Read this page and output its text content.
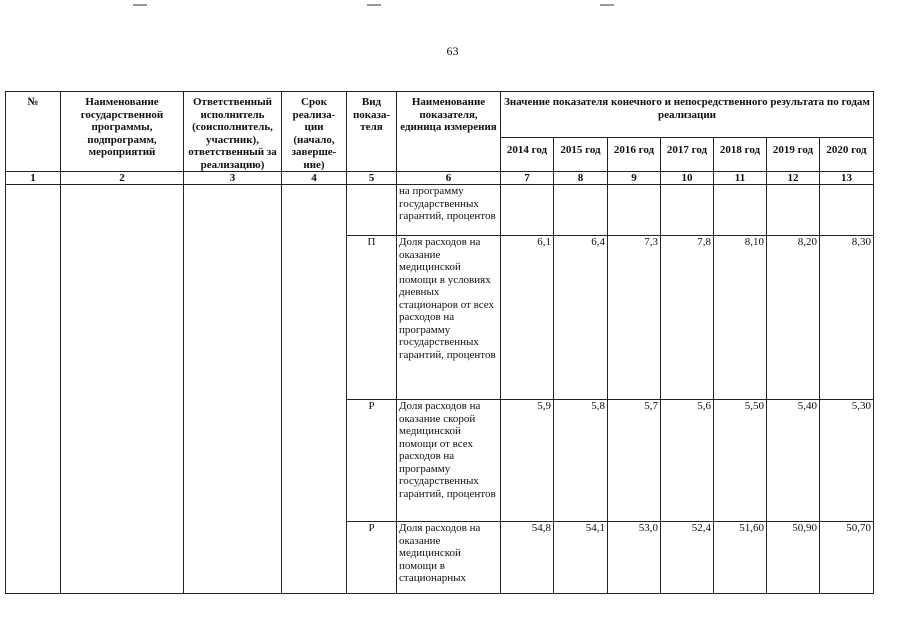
63
№	Наименование государственной программы, подпрограмм, мероприятий	Ответственный исполнитель (соисполнитель, участник), ответственный за реализацию)	Срок реализа-ции (начало, заверше-ние)	Вид показа-теля	Наименование показателя, единица измерения	Значение показателя конечного и непосредственного результата по годам реализации						
						2014 год	2015 год	2016 год	2017 год	2018 год	2019 год	2020 год
1	2	3	4	5	6	7	8	9	10	11	12	13
					на программу государственных гарантий, процентов							
				П	Доля расходов на оказание медицинской помощи в условиях дневных стационаров от всех расходов на программу государственных гарантий, процентов	6,1	6,4	7,3	7,8	8,10	8,20	8,30
				Р	Доля расходов на оказание скорой медицинской помощи от всех расходов на программу государственных гарантий, процентов	5,9	5,8	5,7	5,6	5,50	5,40	5,30
				Р	Доля расходов на оказание медицинской помощи в стационарных	54,8	54,1	53,0	52,4	51,60	50,90	50,70
